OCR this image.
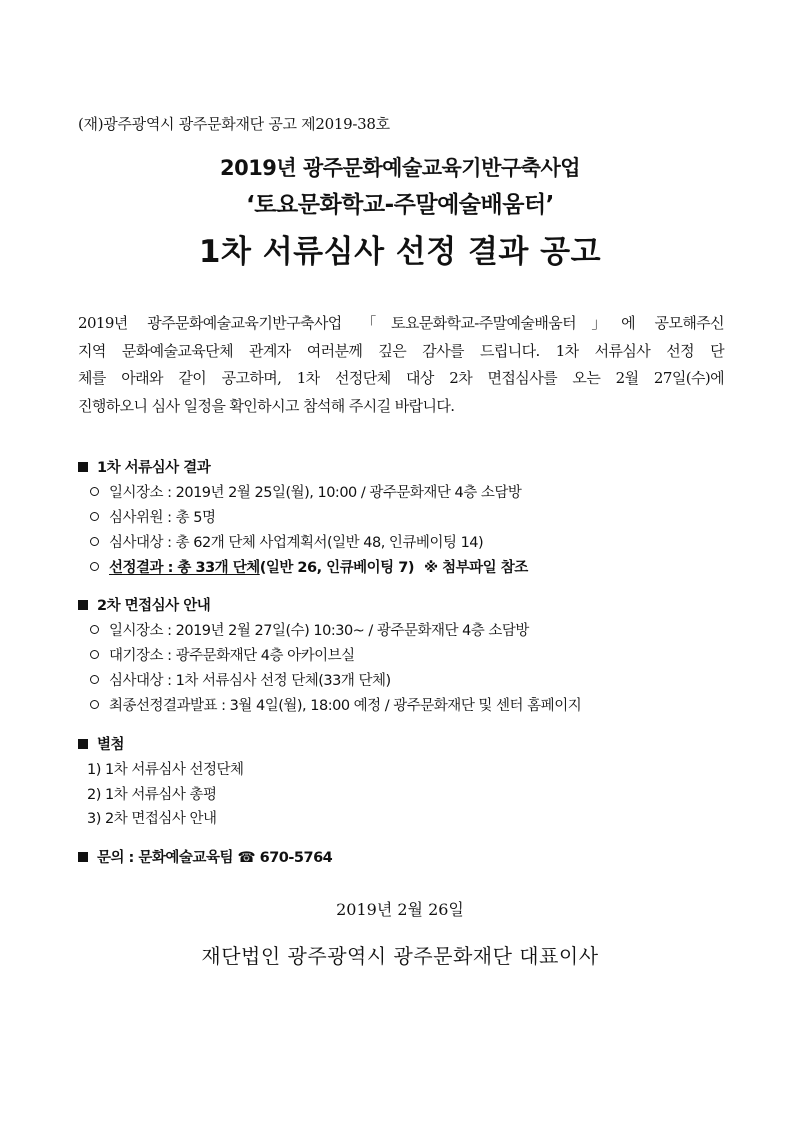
(재)광주광역시 광주문화재단 공고 제2019-38호
2019년 광주문화예술교육기반구축사업
‘토요문화학교-주말예술배움터’
1차 서류심사 선정 결과 공고
2019년 광주문화예술교육기반구축사업 「토요문화학교-주말예술배움터」에 공모해주신
지역 문화예술교육단체 관계자 여러분께 깊은 감사를 드립니다. 1차 서류심사 선정 단
체를 아래와 같이 공고하며, 1차 선정단체 대상 2차 면접심사를 오는 2월 27일(수)에
진행하오니 심사 일정을 확인하시고 참석해 주시길 바랍니다.
1차 서류심사 결과
일시장소 : 2019년 2월 25일(월), 10:00 / 광주문화재단 4층 소담방
심사위원 : 총 5명
심사대상 : 총 62개 단체 사업계획서(일반 48, 인큐베이팅 14)
선정결과 : 총 33개 단체(일반 26, 인큐베이팅 7) ※ 첨부파일 참조
2차 면접심사 안내
일시장소 : 2019년 2월 27일(수) 10:30~ / 광주문화재단 4층 소담방
대기장소 : 광주문화재단 4층 아카이브실
심사대상 : 1차 서류심사 선정 단체(33개 단체)
최종선정결과발표 : 3월 4일(월), 18:00 예정 / 광주문화재단 및 센터 홈페이지
별첨
1) 1차 서류심사 선정단체
2) 1차 서류심사 총평
3) 2차 면접심사 안내
문의 : 문화예술교육팀 ☎ 670-5764
2019년 2월 26일
재단법인 광주광역시 광주문화재단 대표이사
